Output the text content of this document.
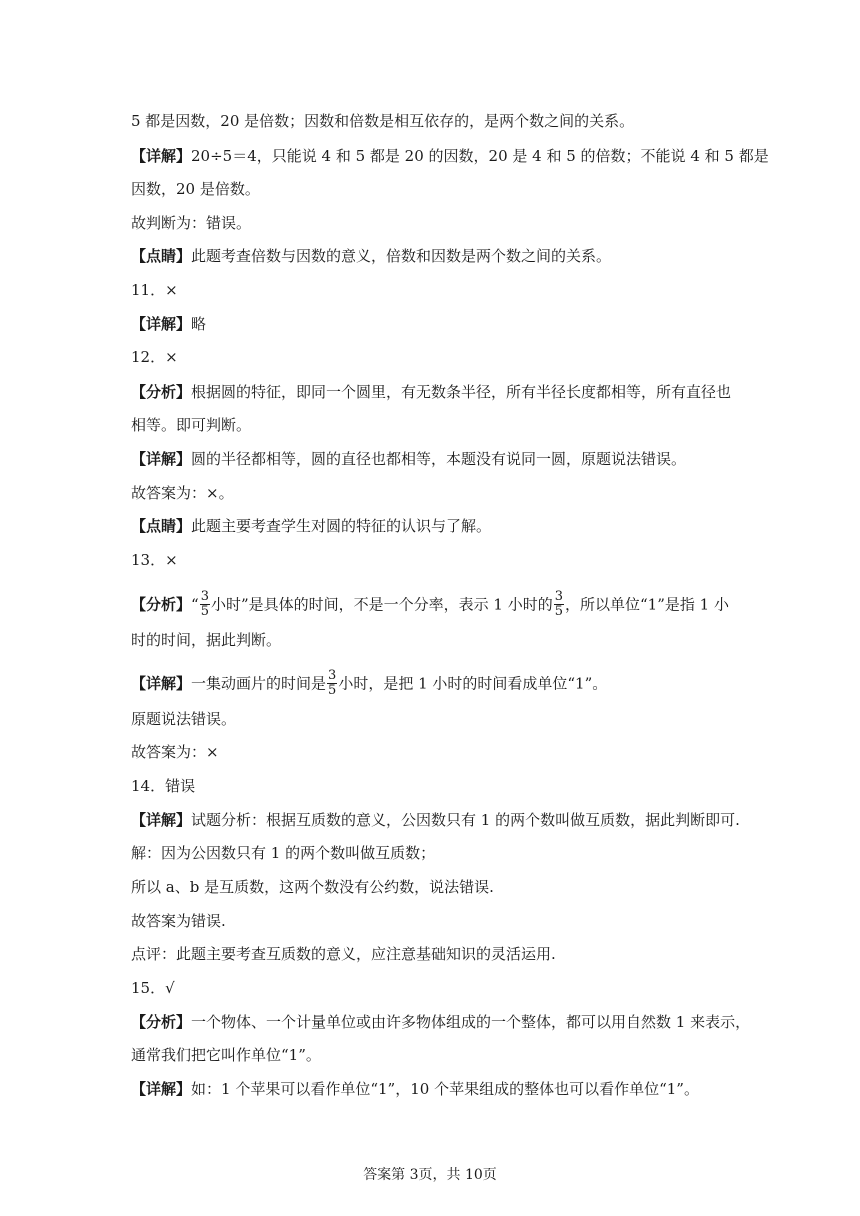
5 都是因数，20 是倍数；因数和倍数是相互依存的，是两个数之间的关系。
【详解】20÷5＝4，只能说 4 和 5 都是 20 的因数，20 是 4 和 5 的倍数；不能说 4 和 5 都是
因数，20 是倍数。
故判断为：错误。
【点睛】此题考查倍数与因数的意义，倍数和因数是两个数之间的关系。
11．×
【详解】略
12．×
【分析】根据圆的特征，即同一个圆里，有无数条半径，所有半径长度都相等，所有直径也
相等。即可判断。
【详解】圆的半径都相等，圆的直径也都相等，本题没有说同一圆，原题说法错误。
故答案为：×。
【点睛】此题主要考查学生对圆的特征的认识与了解。
13．×
【分析】“ $\frac{3}{5}$ 小时”是具体的时间，不是一个分率，表示 1 小时的 $\frac{3}{5}$ ，所以单位“1”是指 1 小
时的时间，据此判断。
【详解】一集动画片的时间是 $\frac{3}{5}$ 小时，是把 1 小时的时间看成单位“1”。
原题说法错误。
故答案为：×
14．错误
【详解】试题分析：根据互质数的意义，公因数只有 1 的两个数叫做互质数，据此判断即可.
解：因为公因数只有 1 的两个数叫做互质数；
所以 a、b 是互质数，这两个数没有公约数，说法错误.
故答案为错误.
点评：此题主要考查互质数的意义，应注意基础知识的灵活运用.
15．√
【分析】一个物体、一个计量单位或由许多物体组成的一个整体，都可以用自然数 1 来表示，
通常我们把它叫作单位“1”。
【详解】如：1 个苹果可以看作单位“1”，10 个苹果组成的整体也可以看作单位“1”。
答案第 3页，共 10页
